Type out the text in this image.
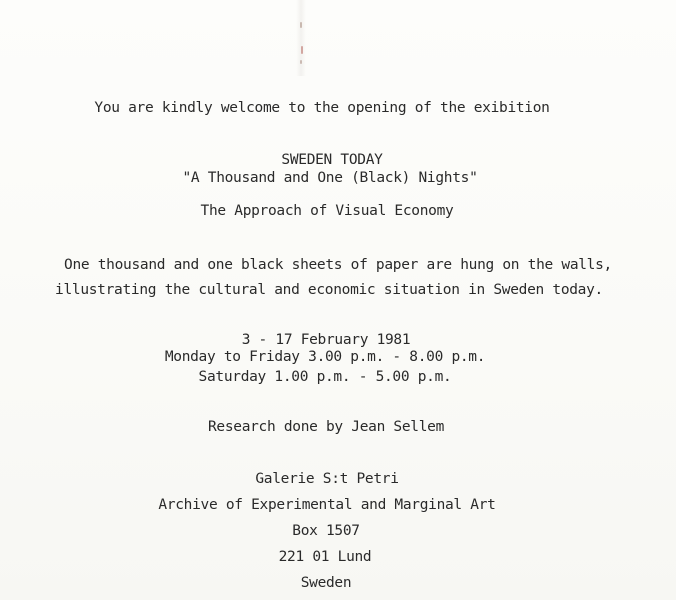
You are kindly welcome to the opening of the exibition
SWEDEN TODAY
"A Thousand and One (Black) Nights"
The Approach of Visual Economy
One thousand and one black sheets of paper are hung on the walls,
illustrating the cultural and economic situation in Sweden today.
3 - 17 February 1981
Monday to Friday 3.00 p.m. - 8.00 p.m.
Saturday 1.00 p.m. - 5.00 p.m.
Research done by Jean Sellem
Galerie S:t Petri
Archive of Experimental and Marginal Art
Box 1507
221 01 Lund
Sweden
